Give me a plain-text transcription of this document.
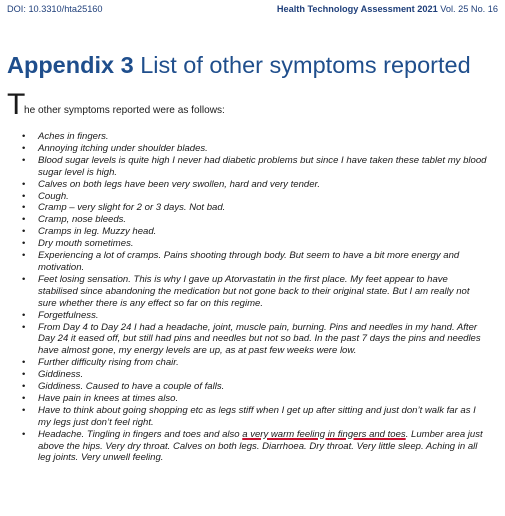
DOI: 10.3310/hta25160	Health Technology Assessment 2021 Vol. 25 No. 16
Appendix 3 List of other symptoms reported
T
he other symptoms reported were as follows:
• Aches in fingers.
• Annoying itching under shoulder blades.
• Blood sugar levels is quite high I never had diabetic problems but since I have taken these tablet my blood sugar level is high.
• Calves on both legs have been very swollen, hard and very tender.
• Cough.
• Cramp – very slight for 2 or 3 days. Not bad.
• Cramp, nose bleeds.
• Cramps in leg. Muzzy head.
• Dry mouth sometimes.
• Experiencing a lot of cramps. Pains shooting through body. But seem to have a bit more energy and motivation.
• Feet losing sensation. This is why I gave up Atorvastatin in the first place. My feet appear to have stabilised since abandoning the medication but not gone back to their original state. But I am really not sure whether there is any effect so far on this regime.
• Forgetfulness.
• From Day 4 to Day 24 I had a headache, joint, muscle pain, burning. Pins and needles in my hand. After Day 24 it eased off, but still had pins and needles but not so bad. In the past 7 days the pins and needles have almost gone, my energy levels are up, as at past few weeks were low.
• Further difficulty rising from chair.
• Giddiness.
• Giddiness. Caused to have a couple of falls.
• Have pain in knees at times also.
• Have to think about going shopping etc as legs stiff when I get up after sitting and just don’t walk far as I my legs just don’t feel right.
• Headache. Tingling in fingers and toes and also a very warm feeling in fingers and toes. Lumber area just above the hips. Very dry throat. Calves on both legs. Diarrhoea. Dry throat. Very little sleep. Aching in all leg joints. Very unwell feeling.
